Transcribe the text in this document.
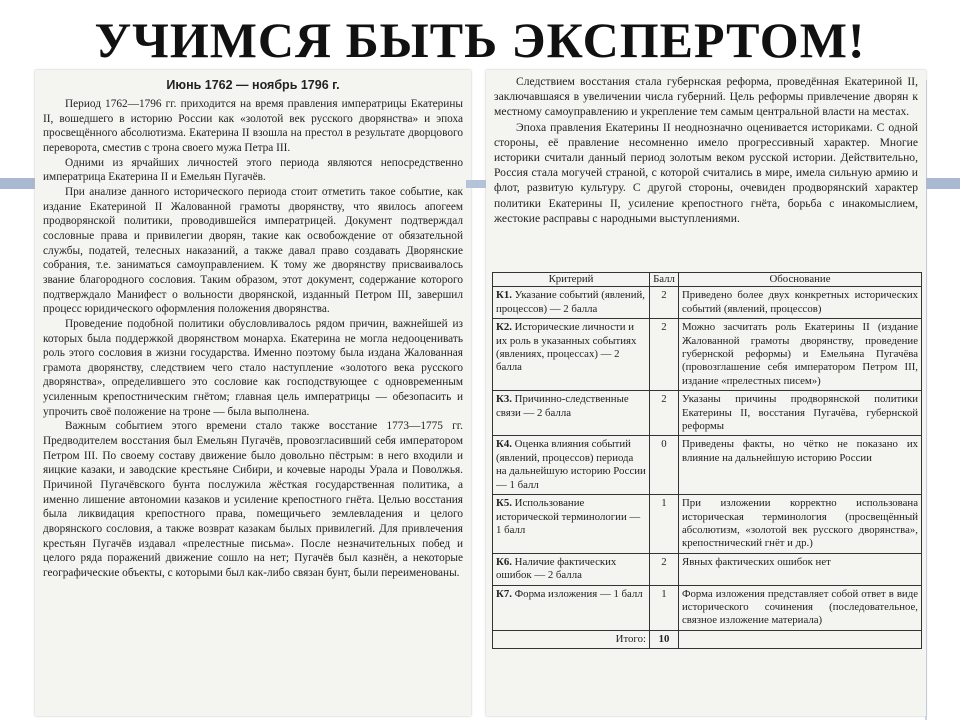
УЧИМСЯ БЫТЬ ЭКСПЕРТОМ!
Июнь 1762 — ноябрь 1796 г.

Период 1762—1796 гг. приходится на время правления императрицы Екатерины II, вошедшего в историю России как «золотой век русского дворянства» и эпоха просвещённого абсолютизма. Екатерина II взошла на престол в результате дворцового переворота, сместив с трона своего мужа Петра III.

Одними из ярчайших личностей этого периода являются непосредственно императрица Екатерина II и Емельян Пугачёв.

При анализе данного исторического периода стоит отметить такое событие, как издание Екатериной II Жалованной грамоты дворянству, что явилось апогеем продворянской политики, проводившейся императрицей. Документ подтверждал сословные права и привилегии дворян, такие как освобождение от обязательной службы, податей, телесных наказаний, а также давал право создавать Дворянские собрания, т.е. заниматься самоуправлением. К тому же дворянству присваивалось звание благородного сословия. Таким образом, этот документ, содержание которого подтверждало Манифест о вольности дворянской, изданный Петром III, завершил процесс юридического оформления положения дворянства.

Проведение подобной политики обусловливалось рядом причин, важнейшей из которых была поддержкой дворянством монарха. Екатерина не могла недооценивать роль этого сословия в жизни государства. Именно поэтому была издана Жалованная грамота дворянству, следствием чего стало наступление «золотого века русского дворянства», определившего это сословие как господствующее с одновременным усиленным крепостническим гнётом; главная цель императрицы — обезопасить и упрочить своё положение на троне — была выполнена.

Важным событием этого времени стало также восстание 1773—1775 гг. Предводителем восстания был Емельян Пугачёв, провозгласивший себя императором Петром III. По своему составу движение было довольно пёстрым: в него входили и яицкие казаки, и заводские крестьяне Сибири, и кочевые народы Урала и Поволжья. Причиной Пугачёвского бунта послужила жёсткая государственная политика, а именно лишение автономии казаков и усиление крепостного гнёта. Целью восстания была ликвидация крепостного права, помещичьего землевладения и целого дворянского сословия, а также возврат казакам былых привилегий. Для привлечения крестьян Пугачёв издавал «прелестные письма». После незначительных побед и целого ряда поражений движение сошло на нет; Пугачёв был казнён, а некоторые географические объекты, с которыми был как-либо связан бунт, были переименованы.

Следствием восстания стала губернская реформа, проведённая Екатериной II, заключавшаяся в увеличении числа губерний. Цель реформы привлечение дворян к местному самоуправлению и укрепление тем самым центральной власти на местах.

Эпоха правления Екатерины II неоднозначно оценивается историками. С одной стороны, её правление несомненно имело прогрессивный характер. Многие историки считали данный период золотым веком русской истории. Действительно, Россия стала могучей страной, с которой считались в мире, имела сильную армию и флот, развитую культуру. С другой стороны, очевиден продворянский характер политики Екатерины II, усиление крепостного гнёта, борьба с инакомыслием, жестокие расправы с народными выступлениями.

Критерий	Балл	Обоснование
К1. Указание событий (явлений, процессов) — 2 балла	2	Приведено более двух конкретных исторических событий (явлений, процессов)
К2. Исторические личности и их роль в указанных событиях (явлениях, процессах) — 2 балла	2	Можно засчитать роль Екатерины II (издание Жалованной грамоты дворянству, проведение губернской реформы) и Емельяна Пугачёва (провозглашение себя императором Петром III, издание «прелестных писем»)
К3. Причинно-следственные связи — 2 балла	2	Указаны причины продворянской политики Екатерины II, восстания Пугачёва, губернской реформы
К4. Оценка влияния событий (явлений, процессов) периода на дальнейшую историю России — 1 балл	0	Приведены факты, но чётко не показано их влияние на дальнейшую историю России
К5. Использование исторической терминологии — 1 балл	1	При изложении корректно использована историческая терминология (просвещённый абсолютизм, «золотой век русского дворянства», крепостнический гнёт и др.)
К6. Наличие фактических ошибок — 2 балла	2	Явных фактических ошибок нет
К7. Форма изложения — 1 балл	1	Форма изложения представляет собой ответ в виде исторического сочинения (последовательное, связное изложение материала)
Итого:	10	
